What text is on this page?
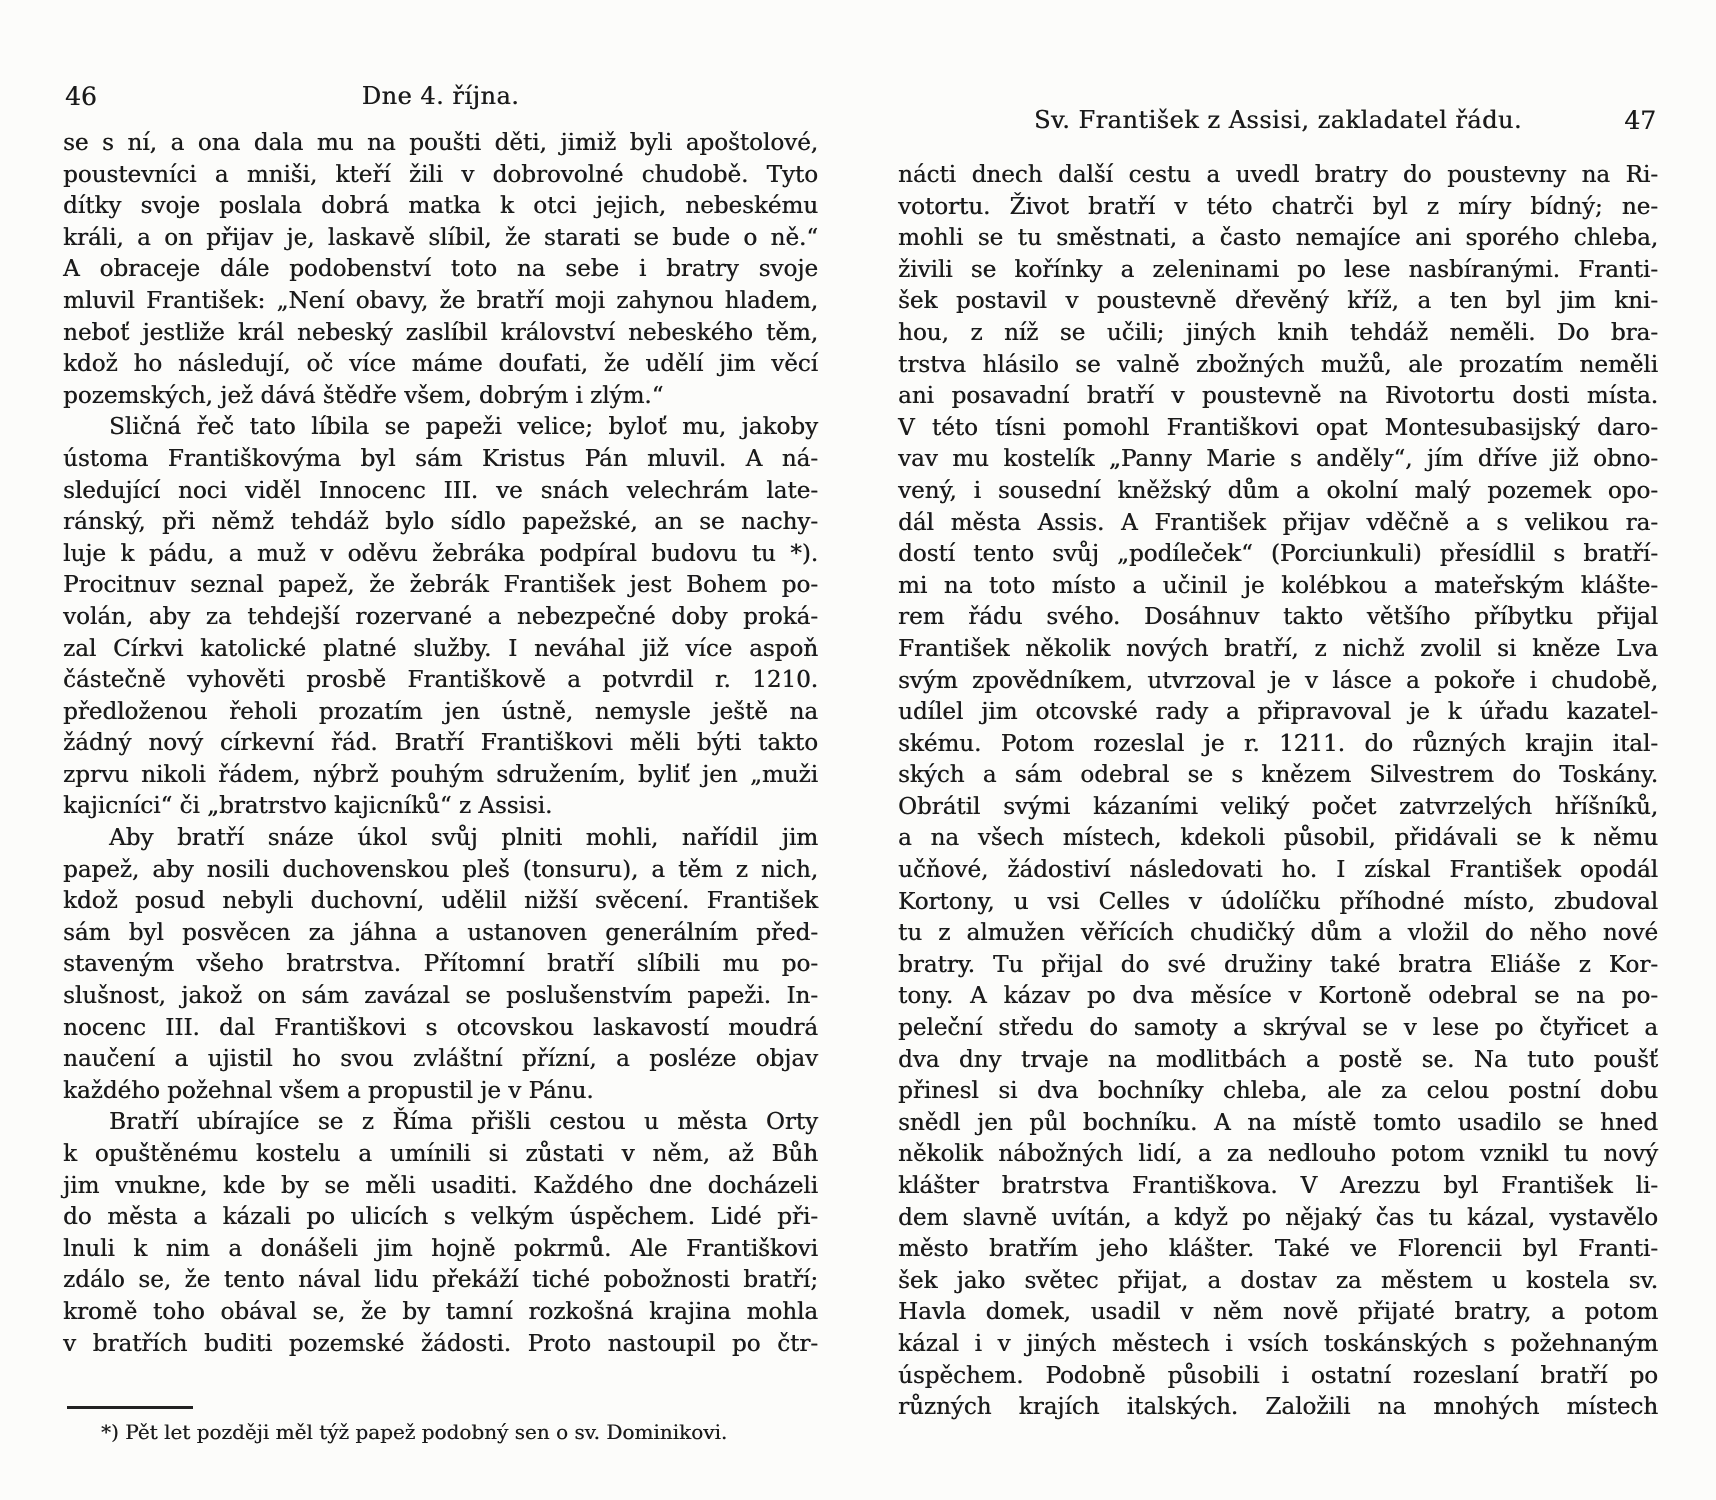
46	Dne 4. října.
se s ní, a ona dala mu na poušti děti, jimiž byli apoštolové,
poustevníci a mniši, kteří žili v dobrovolné chudobě. Tyto
dítky svoje poslala dobrá matka k otci jejich, nebeskému
králi, a on přijav je, laskavě slíbil, že starati se bude o ně.“
A obraceje dále podobenství toto na sebe i bratry svoje
mluvil František: „Není obavy, že bratří moji zahynou hladem,
neboť jestliže král nebeský zaslíbil království nebeského těm,
kdož ho následují, oč více máme doufati, že udělí jim věcí
pozemských, jež dává štědře všem, dobrým i zlým.“
Sličná řeč tato líbila se papeži velice; byloť mu, jakoby
ústoma Františkovýma byl sám Kristus Pán mluvil. A ná-
sledující noci viděl Innocenc III. ve snách velechrám late-
ránský, při němž tehdáž bylo sídlo papežské, an se nachy-
luje k pádu, a muž v oděvu žebráka podpíral budovu tu *).
Procitnuv seznal papež, že žebrák František jest Bohem po-
volán, aby za tehdejší rozervané a nebezpečné doby proká-
zal Církvi katolické platné služby. I neváhal již více aspoň
částečně vyhověti prosbě Františkově a potvrdil r. 1210.
předloženou řeholi prozatím jen ústně, nemysle ještě na
žádný nový církevní řád. Bratří Františkovi měli býti takto
zprvu nikoli řádem, nýbrž pouhým sdružením, byliť jen „muži
kajicníci“ či „bratrstvo kajicníků“ z Assisi.
Aby bratří snáze úkol svůj plniti mohli, nařídil jim
papež, aby nosili duchovenskou pleš (tonsuru), a těm z nich,
kdož posud nebyli duchovní, udělil nižší svěcení. František
sám byl posvěcen za jáhna a ustanoven generálním před-
staveným všeho bratrstva. Přítomní bratří slíbili mu po-
slušnost, jakož on sám zavázal se poslušenstvím papeži. In-
nocenc III. dal Františkovi s otcovskou laskavostí moudrá
naučení a ujistil ho svou zvláštní přízní, a posléze objav
každého požehnal všem a propustil je v Pánu.
Bratří ubírajíce se z Říma přišli cestou u města Orty
k opuštěnému kostelu a umínili si zůstati v něm, až Bůh
jim vnukne, kde by se měli usaditi. Každého dne docházeli
do města a kázali po ulicích s velkým úspěchem. Lidé při-
lnuli k nim a donášeli jim hojně pokrmů. Ale Františkovi
zdálo se, že tento nával lidu překáží tiché pobožnosti bratří;
kromě toho obával se, že by tamní rozkošná krajina mohla
v bratřích buditi pozemské žádosti. Proto nastoupil po čtr-

*) Pět let později měl týž papež podobný sen o sv. Dominikovi.

Sv. František z Assisi, zakladatel řádu.	47
nácti dnech další cestu a uvedl bratry do poustevny na Ri-
votortu. Život bratří v této chatrči byl z míry bídný; ne-
mohli se tu směstnati, a často nemajíce ani sporého chleba,
živili se kořínky a zeleninami po lese nasbíranými. Franti-
šek postavil v poustevně dřevěný kříž, a ten byl jim kni-
hou, z níž se učili; jiných knih tehdáž neměli. Do bra-
trstva hlásilo se valně zbožných mužů, ale prozatím neměli
ani posavadní bratří v poustevně na Rivotortu dosti místa.
V této tísni pomohl Františkovi opat Montesubasijský daro-
vav mu kostelík „Panny Marie s anděly“, jím dříve již obno-
vený, i sousední kněžský dům a okolní malý pozemek opo-
dál města Assis. A František přijav vděčně a s velikou ra-
dostí tento svůj „podíleček“ (Porciunkuli) přesídlil s bratří-
mi na toto místo a učinil je kolébkou a mateřským klášte-
rem řádu svého. Dosáhnuv takto většího příbytku přijal
František několik nových bratří, z nichž zvolil si kněze Lva
svým zpovědníkem, utvrzoval je v lásce a pokoře i chudobě,
udílel jim otcovské rady a připravoval je k úřadu kazatel-
skému. Potom rozeslal je r. 1211. do různých krajin ital-
ských a sám odebral se s knězem Silvestrem do Toskány.
Obrátil svými kázaními veliký počet zatvrzelých hříšníků,
a na všech místech, kdekoli působil, přidávali se k němu
učňové, žádostiví následovati ho. I získal František opodál
Kortony, u vsi Celles v údolíčku příhodné místo, zbudoval
tu z almužen věřících chudičký dům a vložil do něho nové
bratry. Tu přijal do své družiny také bratra Eliáše z Kor-
tony. A kázav po dva měsíce v Kortoně odebral se na po-
peleční středu do samoty a skrýval se v lese po čtyřicet a
dva dny trvaje na modlitbách a postě se. Na tuto poušť
přinesl si dva bochníky chleba, ale za celou postní dobu
snědl jen půl bochníku. A na místě tomto usadilo se hned
několik nábožných lidí, a za nedlouho potom vznikl tu nový
klášter bratrstva Františkova. V Arezzu byl František li-
dem slavně uvítán, a když po nějaký čas tu kázal, vystavělo
město bratřím jeho klášter. Také ve Florencii byl Franti-
šek jako světec přijat, a dostav za městem u kostela sv.
Havla domek, usadil v něm nově přijaté bratry, a potom
kázal i v jiných městech i vsích toskánských s požehnaným
úspěchem. Podobně působili i ostatní rozeslaní bratří po
různých krajích italských. Založili na mnohých místech
